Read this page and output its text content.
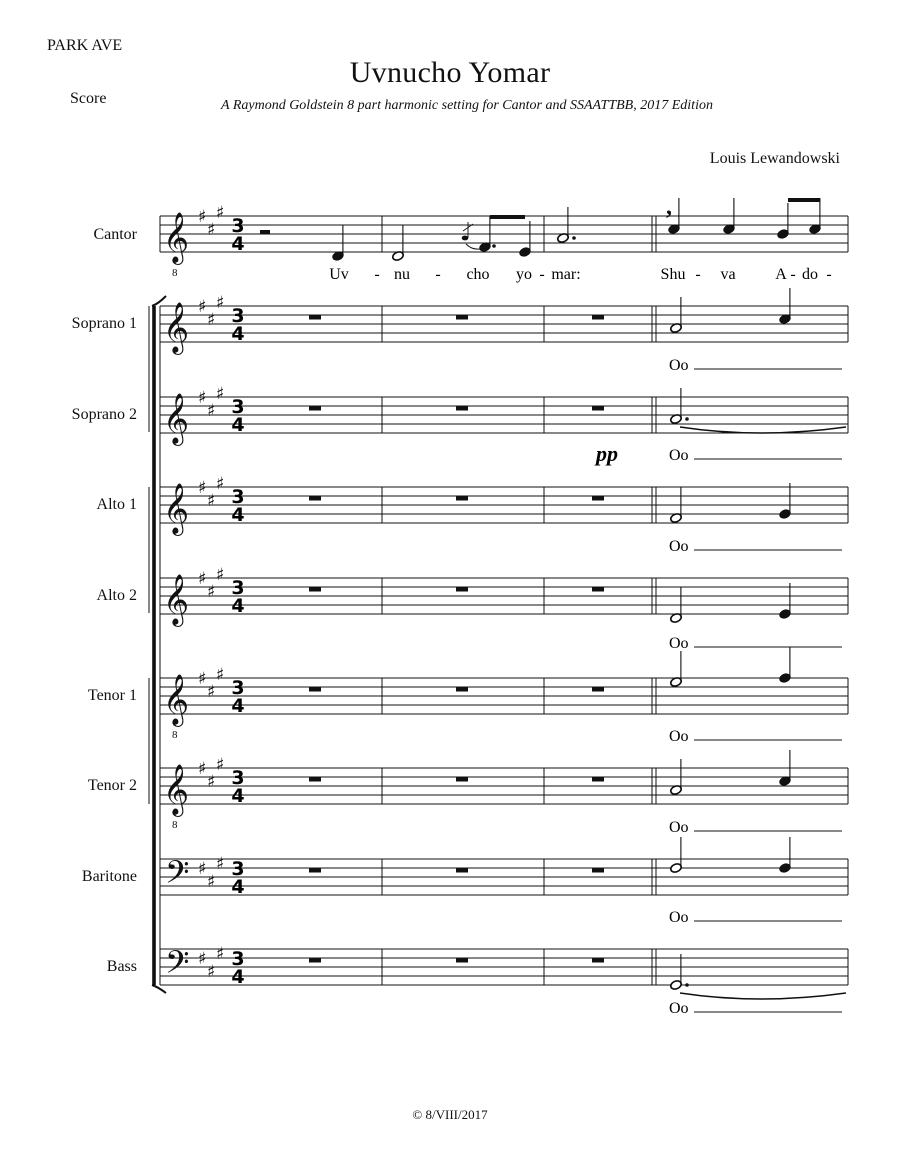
PARK AVE
Score
Uvnucho Yomar
A Raymond Goldstein 8 part harmonic setting for Cantor and SSAATTBB, 2017 Edition
Louis Lewandowski
Cantor
Soprano 1
Soprano 2
Alto 1
Alto 2
Tenor 1
Tenor 2
Baritone
Bass
𝄞
8
♯
♯
♯
𝄞 ♯
♯
♯
𝄞 ♯
♯
♯
𝄞 ♯
♯
♯
𝄞 ♯
♯
♯
𝄞
8
♯
♯
♯
𝄞
8
♯
♯
♯
𝄢 ♯
♯
♯
𝄢 ♯
♯
♯
,
Uv - nu - cho yo - mar:	Shu - va A - do -
Oo
Oo
Oo
Oo
Oo
Oo
Oo
Oo
pp
3
4
3
4
3
4
3
4
3
4
3
4
3
4
3
4
3
4
© 8/VIII/2017
